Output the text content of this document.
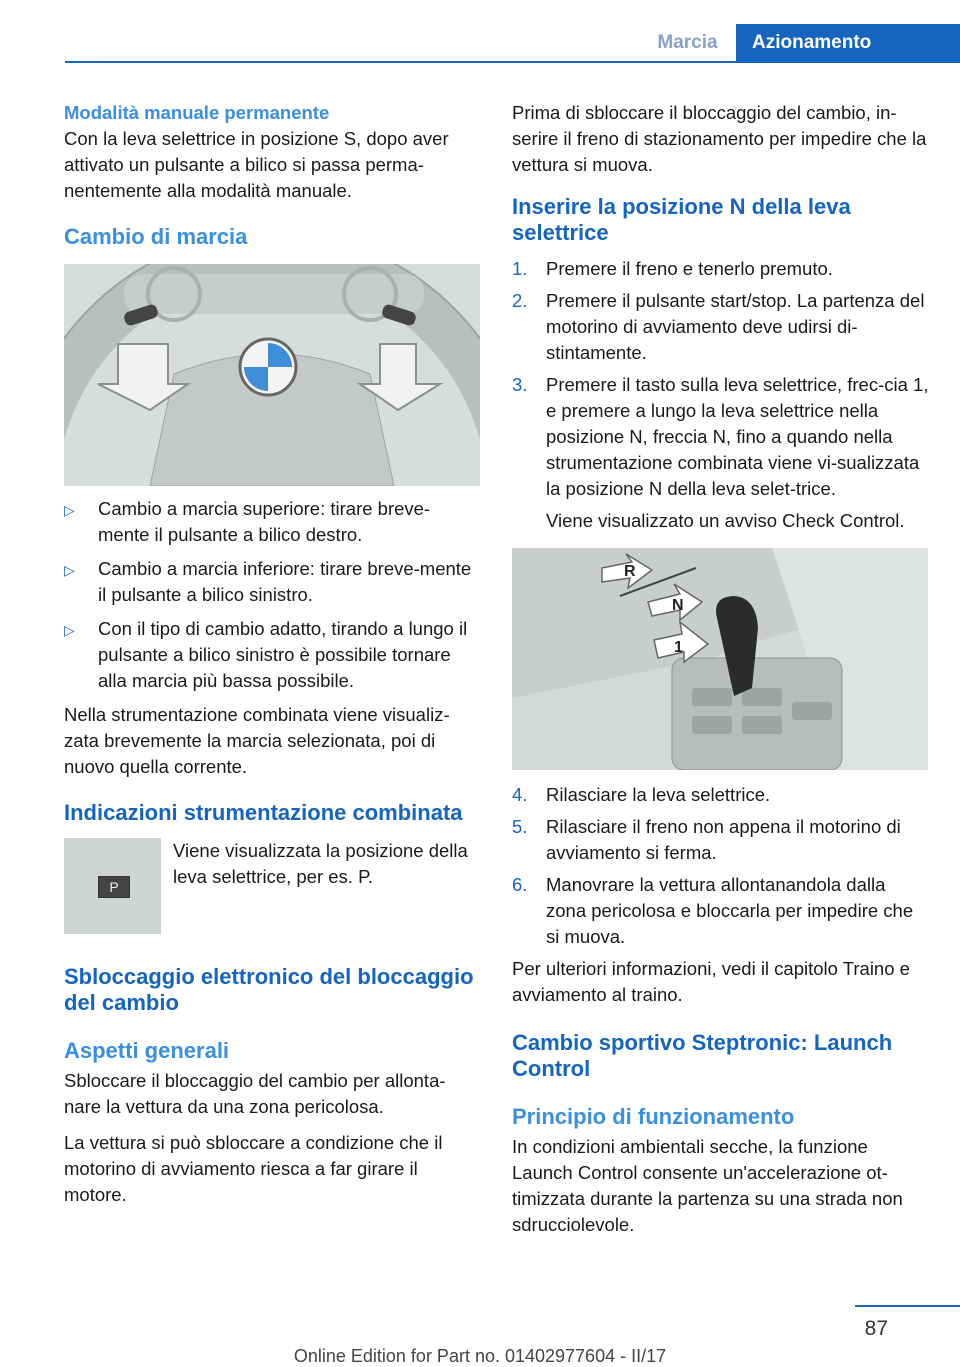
Marcia	Azionamento
Modalità manuale permanente

Con la leva selettrice in posizione S, dopo aver attivato un pulsante a bilico si passa perma-nentemente alla modalità manuale.

Cambio di marcia
▷	Cambio a marcia superiore: tirare breve-mente il pulsante a bilico destro.
▷	Cambio a marcia inferiore: tirare breve-mente il pulsante a bilico sinistro.
▷	Con il tipo di cambio adatto, tirando a lungo il pulsante a bilico sinistro è possibile tornare alla marcia più bassa possibile.

Nella strumentazione combinata viene visualiz-zata brevemente la marcia selezionata, poi di nuovo quella corrente.

Indicazioni strumentazione combinata
P
Viene visualizzata la posizione della leva selettrice, per es. P.
Sbloccaggio elettronico del bloccaggio del cambio
Aspetti generali

Sbloccare il bloccaggio del cambio per allonta-nare la vettura da una zona pericolosa.

La vettura si può sbloccare a condizione che il motorino di avviamento riesca a far girare il motore.

Prima di sbloccare il bloccaggio del cambio, in-serire il freno di stazionamento per impedire che la vettura si muova.

Inserire la posizione N della leva selettrice
1.	Premere il freno e tenerlo premuto.
2.	Premere il pulsante start/stop. La partenza del motorino di avviamento deve udirsi di-stintamente.
3.	Premere il tasto sulla leva selettrice, frec-cia 1, e premere a lungo la leva selettrice nella posizione N, freccia N, fino a quando nella strumentazione combinata viene vi-sualizzata la posizione N della leva selet-trice.
Viene visualizzato un avviso Check Control.
R
N
1
4.	Rilasciare la leva selettrice.
5.	Rilasciare il freno non appena il motorino di avviamento si ferma.
6.	Manovrare la vettura allontanandola dalla zona pericolosa e bloccarla per impedire che si muova.

Per ulteriori informazioni, vedi il capitolo Traino e avviamento al traino.

Cambio sportivo Steptronic: Launch Control
Principio di funzionamento

In condizioni ambientali secche, la funzione Launch Control consente un'accelerazione ot-timizzata durante la partenza su una strada non sdrucciolevole.

87
Online Edition for Part no. 01402977604 - II/17
